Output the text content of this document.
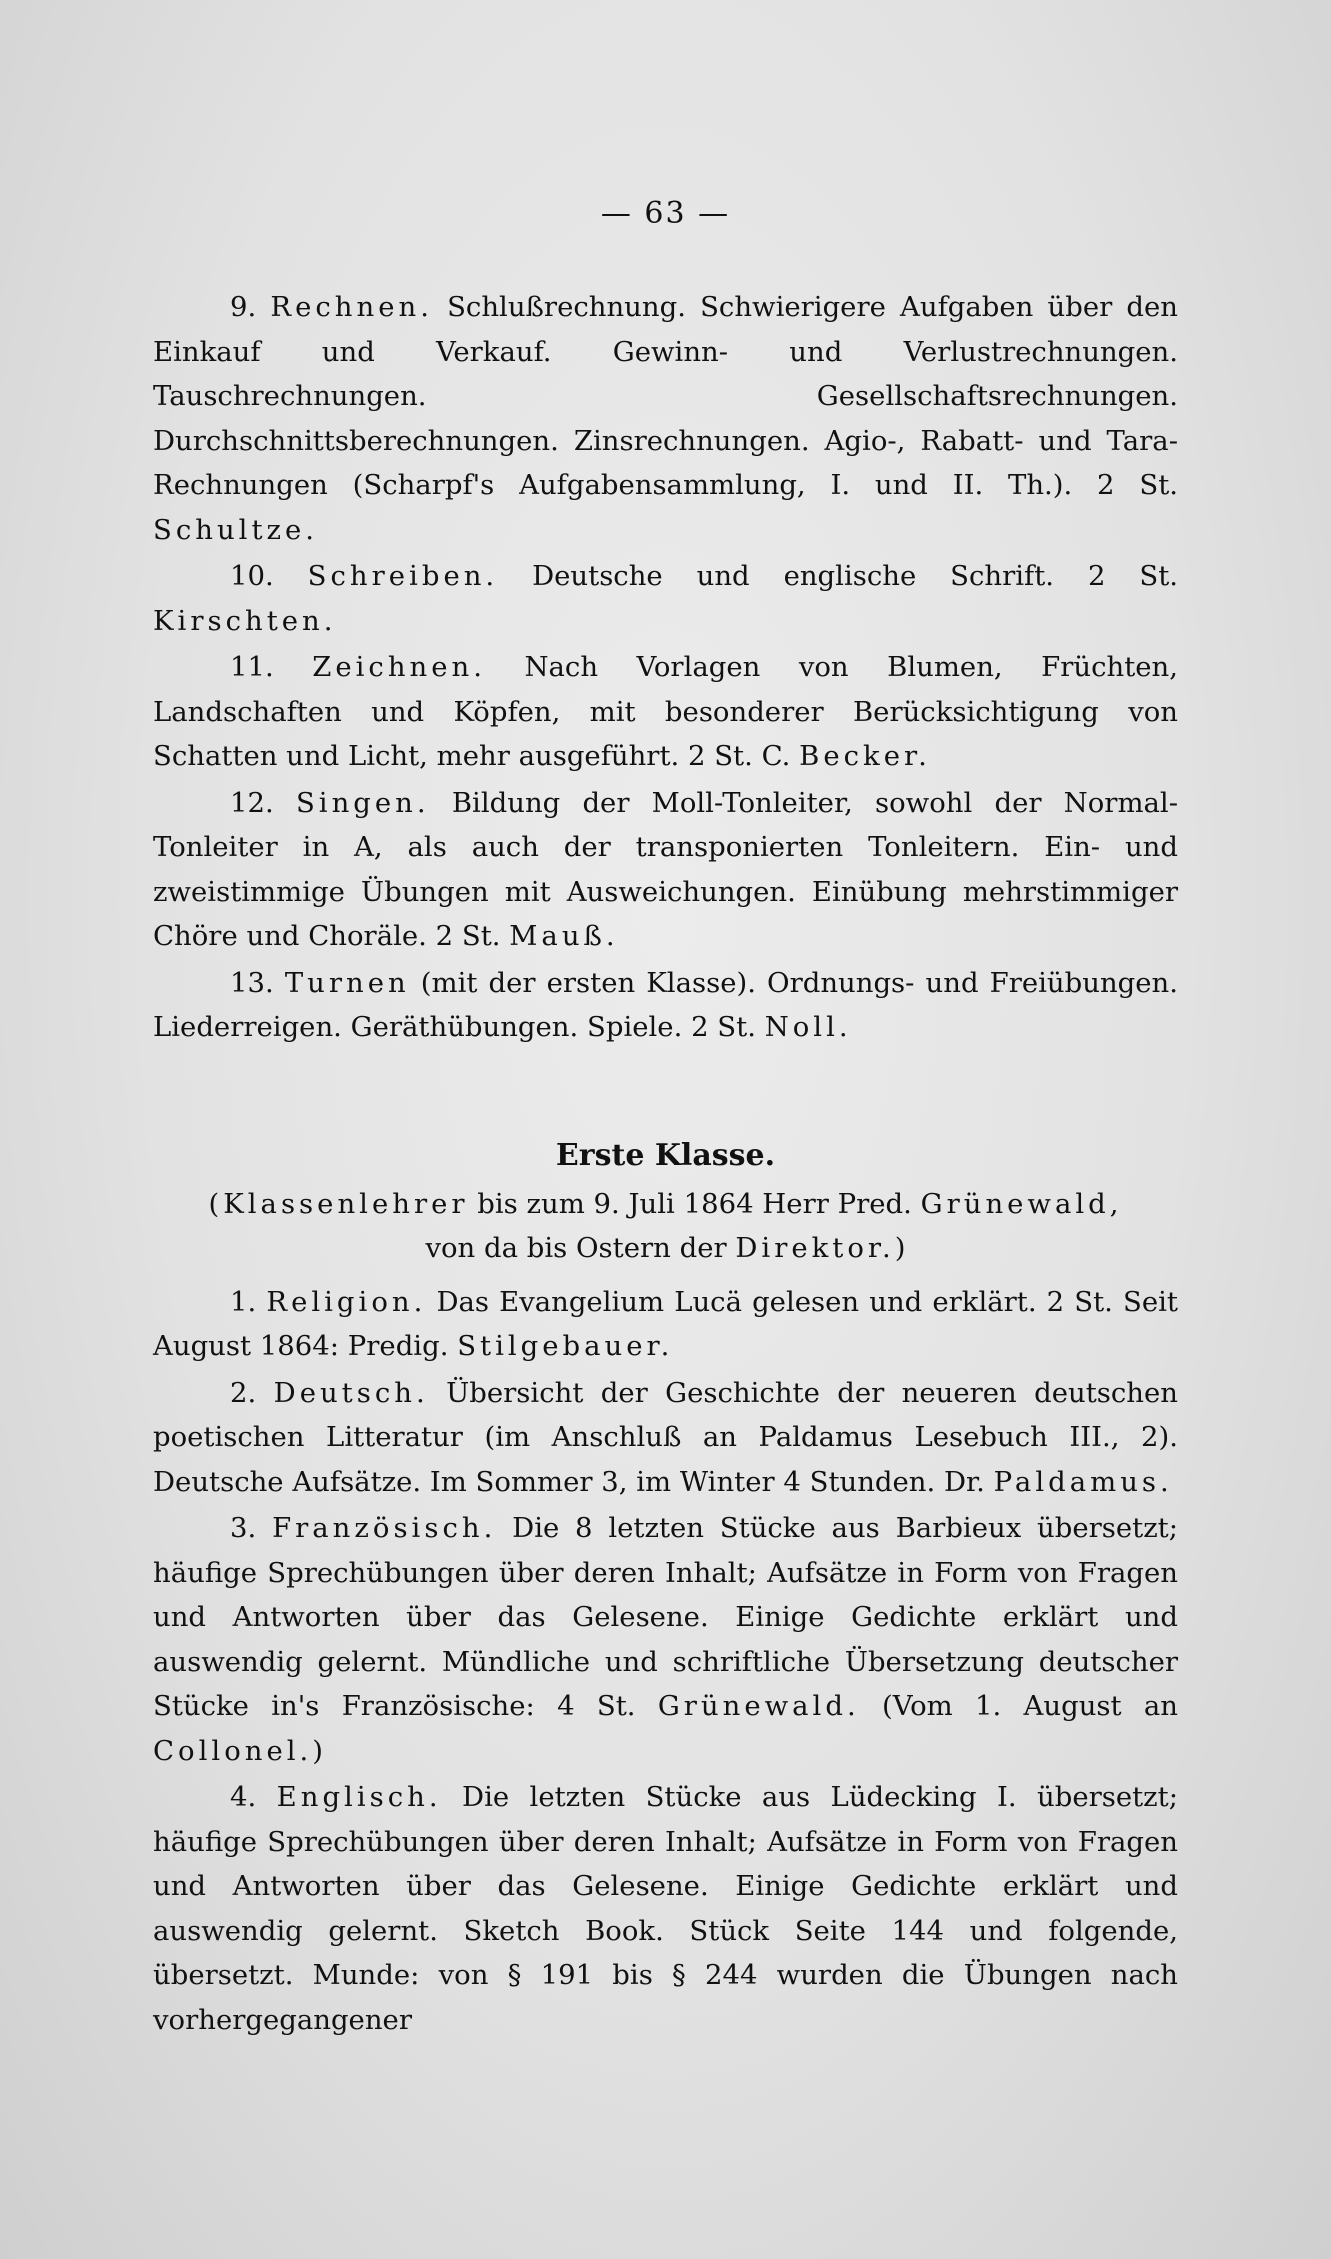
— 63 —

9. Rechnen. Schlußrechnung. Schwierigere Aufgaben über den Einkauf und Verkauf. Gewinn- und Verlustrechnungen. Tauschrechnungen. Gesellschaftsrechnungen. Durchschnittsberechnungen. Zinsrechnungen. Agio-, Rabatt- und Tara-Rechnungen (Scharpf's Aufgabensammlung, I. und II. Th.). 2 St. Schultze.

10. Schreiben. Deutsche und englische Schrift. 2 St. Kirschten.

11. Zeichnen. Nach Vorlagen von Blumen, Früchten, Landschaften und Köpfen, mit besonderer Berücksichtigung von Schatten und Licht, mehr ausgeführt. 2 St. C. Becker.

12. Singen. Bildung der Moll-Tonleiter, sowohl der Normal-Tonleiter in A, als auch der transponierten Tonleitern. Ein- und zweistimmige Übungen mit Ausweichungen. Einübung mehrstimmiger Chöre und Choräle. 2 St. Mauß.

13. Turnen (mit der ersten Klasse). Ordnungs- und Freiübungen. Liederreigen. Geräthübungen. Spiele. 2 St. Noll.

Erste Klasse.
(Klassenlehrer bis zum 9. Juli 1864 Herr Pred. Grünewald,
von da bis Ostern der Direktor.)

1. Religion. Das Evangelium Lucä gelesen und erklärt. 2 St. Seit August 1864: Predig. Stilgebauer.

2. Deutsch. Übersicht der Geschichte der neueren deutschen poetischen Litteratur (im Anschluß an Paldamus Lesebuch III., 2). Deutsche Aufsätze. Im Sommer 3, im Winter 4 Stunden. Dr. Paldamus.

3. Französisch. Die 8 letzten Stücke aus Barbieux übersetzt; häufige Sprechübungen über deren Inhalt; Aufsätze in Form von Fragen und Antworten über das Gelesene. Einige Gedichte erklärt und auswendig gelernt. Mündliche und schriftliche Übersetzung deutscher Stücke in's Französische: 4 St. Grünewald. (Vom 1. August an Collonel.)

4. Englisch. Die letzten Stücke aus Lüdecking I. übersetzt; häufige Sprechübungen über deren Inhalt; Aufsätze in Form von Fragen und Antworten über das Gelesene. Einige Gedichte erklärt und auswendig gelernt. Sketch Book. Stück Seite 144 und folgende, übersetzt. Munde: von § 191 bis § 244 wurden die Übungen nach vorhergegangener
